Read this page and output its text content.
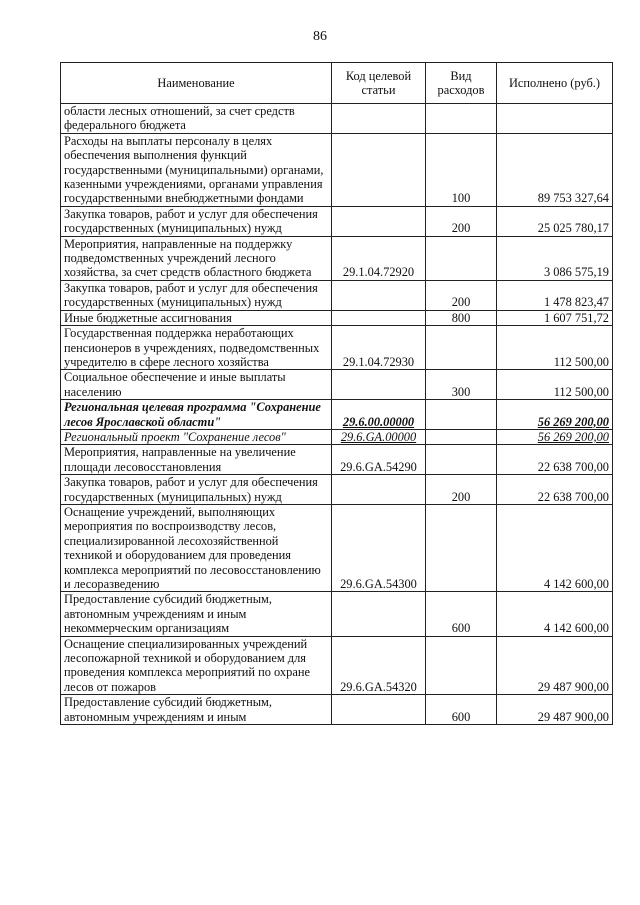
86
Наименование	Код целевой статьи	Вид расходов	Исполнено (руб.)
области лесных отношений, за счет средств федерального бюджета			
Расходы на выплаты персоналу в целях обеспечения выполнения функций государственными (муниципальными) органами, казенными учреждениями, органами управления государственными внебюджетными фондами		100	89 753 327,64
Закупка товаров, работ и услуг для обеспечения государственных (муниципальных) нужд		200	25 025 780,17
Мероприятия, направленные на поддержку подведомственных учреждений лесного хозяйства, за счет средств областного бюджета	29.1.04.72920		3 086 575,19
Закупка товаров, работ и услуг для обеспечения государственных (муниципальных) нужд		200	1 478 823,47
Иные бюджетные ассигнования		800	1 607 751,72
Государственная поддержка неработающих пенсионеров в учреждениях, подведомственных учредителю в сфере лесного хозяйства	29.1.04.72930		112 500,00
Социальное обеспечение и иные выплаты населению		300	112 500,00
Региональная целевая программа "Сохранение лесов Ярославской области"	29.6.00.00000		56 269 200,00
Региональный проект "Сохранение лесов"	29.6.GA.00000		56 269 200,00
Мероприятия, направленные на увеличение площади лесовосстановления	29.6.GA.54290		22 638 700,00
Закупка товаров, работ и услуг для обеспечения государственных (муниципальных) нужд		200	22 638 700,00
Оснащение учреждений, выполняющих мероприятия по воспроизводству лесов, специализированной лесохозяйственной техникой и оборудованием для проведения комплекса мероприятий по лесовосстановлению и лесоразведению	29.6.GA.54300		4 142 600,00
Предоставление субсидий бюджетным, автономным учреждениям и иным некоммерческим организациям		600	4 142 600,00
Оснащение специализированных учреждений лесопожарной техникой и оборудованием для проведения комплекса мероприятий по охране лесов от пожаров	29.6.GA.54320		29 487 900,00
Предоставление субсидий бюджетным, автономным учреждениям и иным		600	29 487 900,00
